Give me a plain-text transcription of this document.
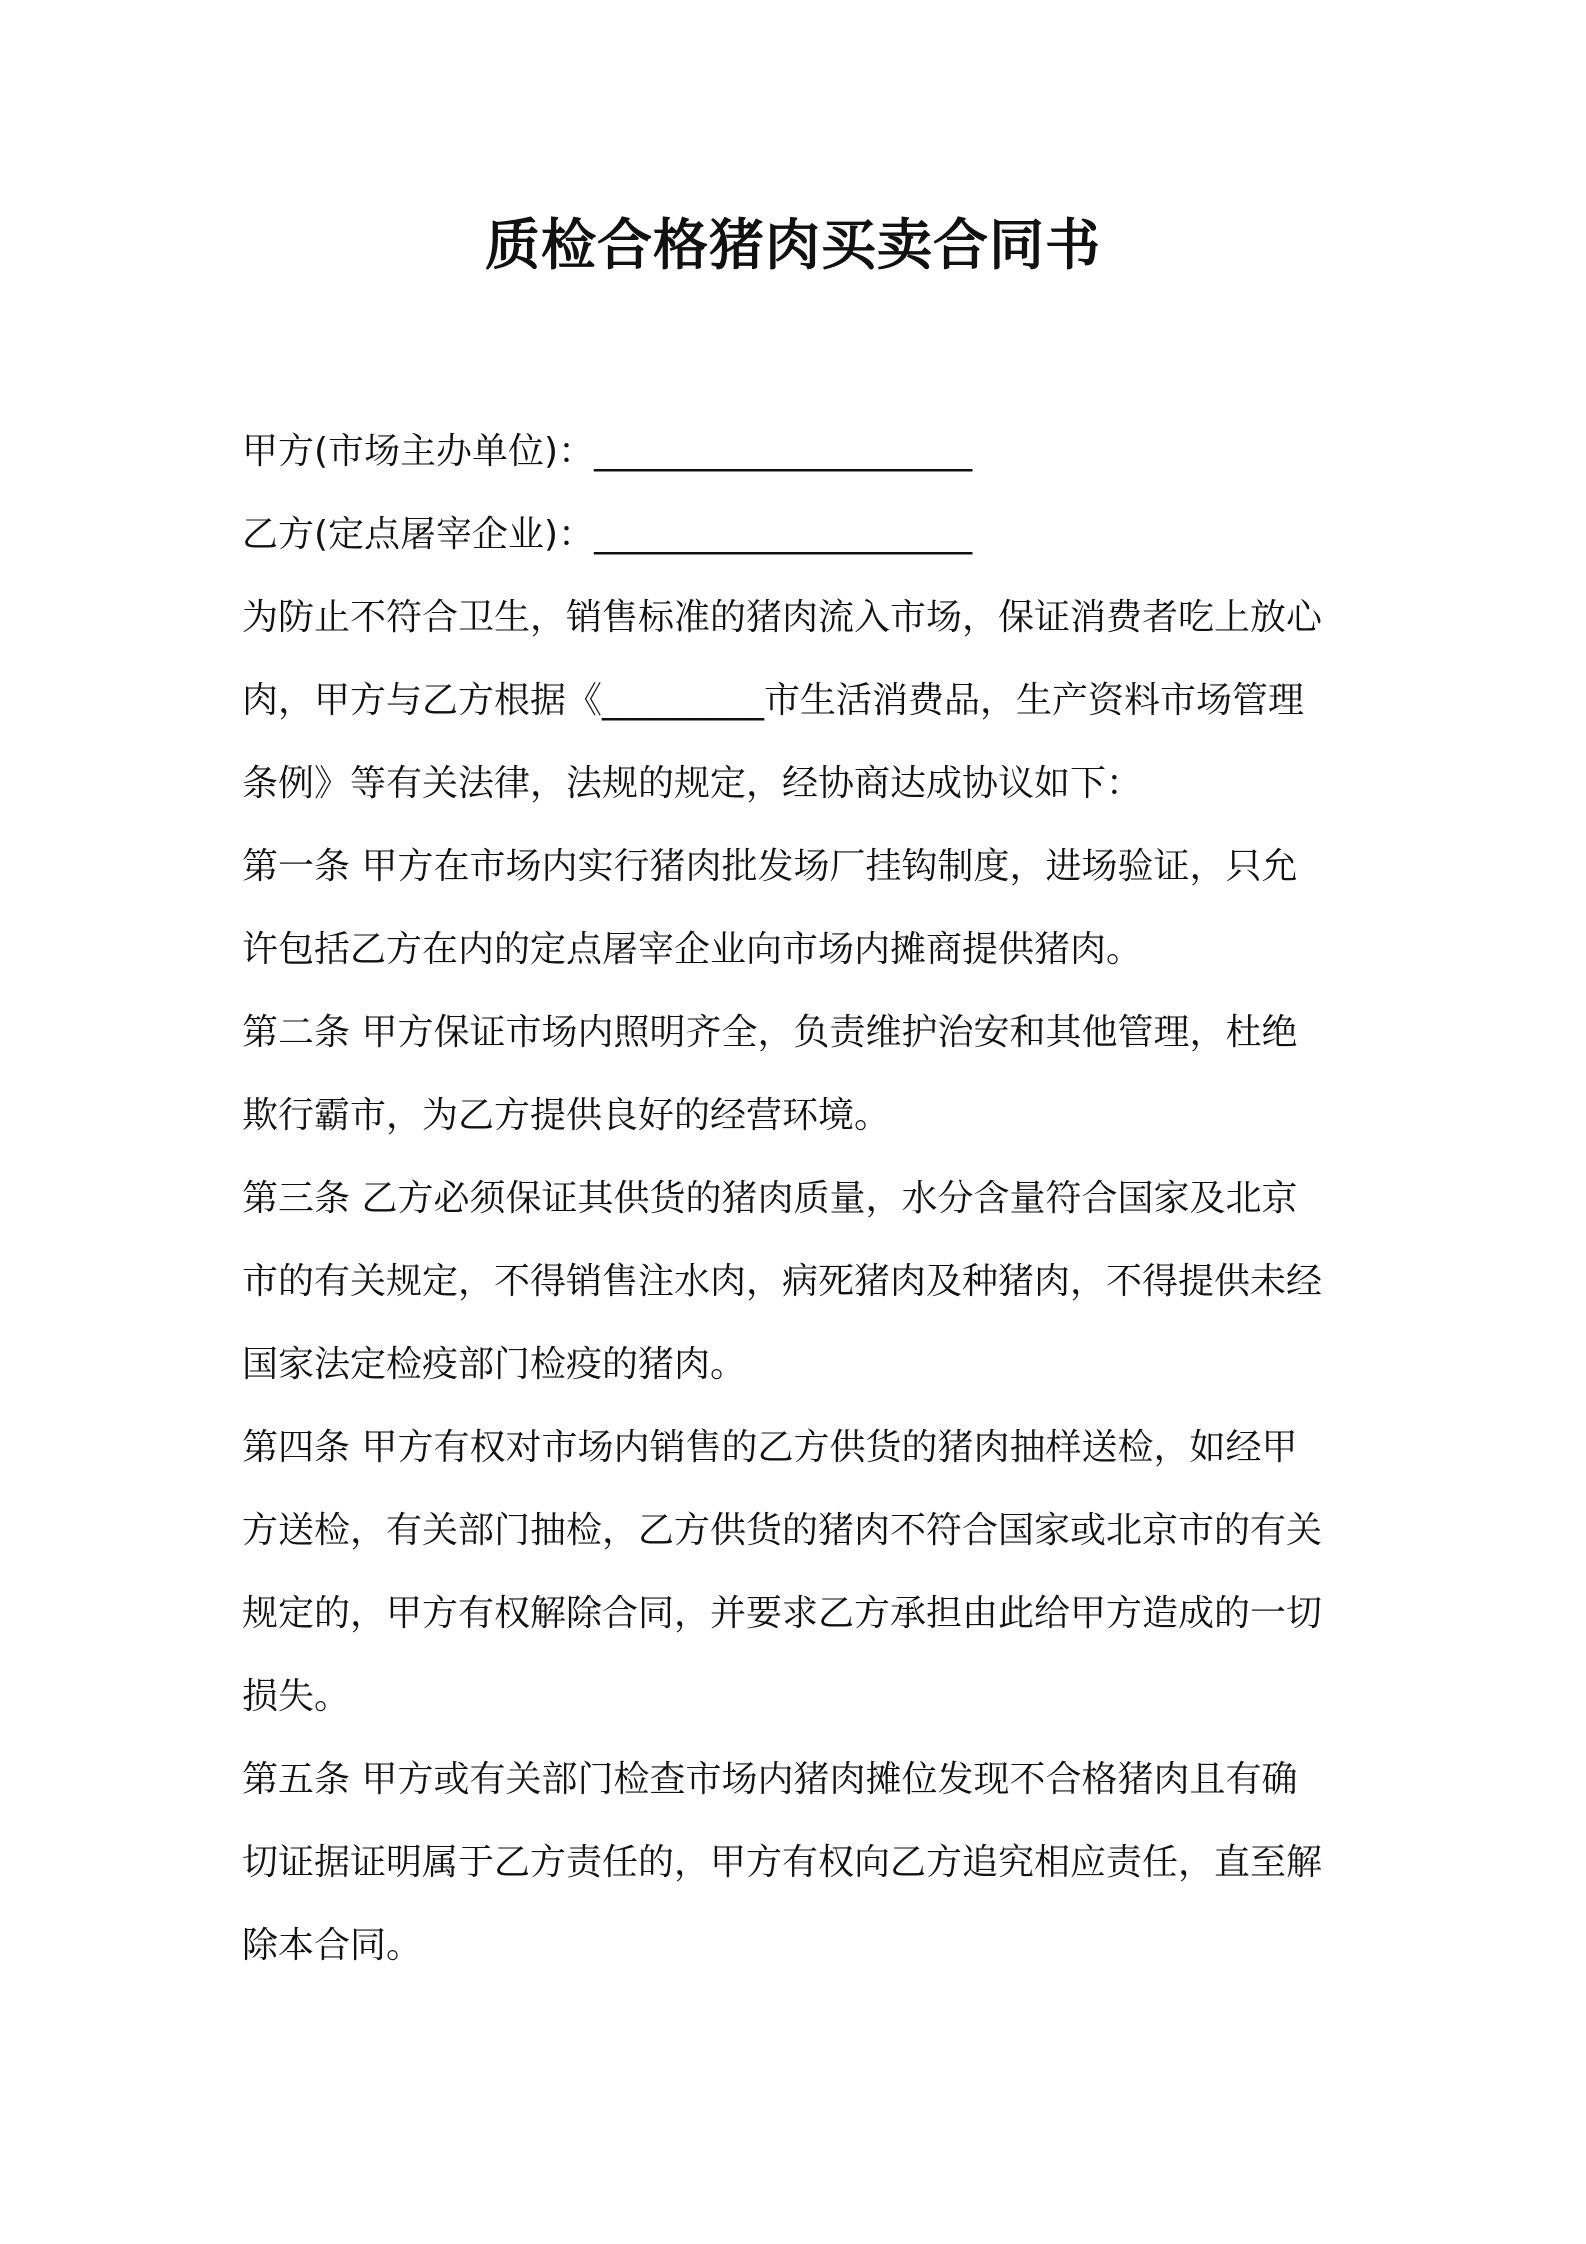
质检合格猪肉买卖合同书
甲方(市场主办单位)：_____________________
乙方(定点屠宰企业)：_____________________
为防止不符合卫生，销售标准的猪肉流入市场，保证消费者吃上放心
肉，甲方与乙方根据《_________市生活消费品，生产资料市场管理
条例》等有关法律，法规的规定，经协商达成协议如下：
第一条 甲方在市场内实行猪肉批发场厂挂钩制度，进场验证，只允
许包括乙方在内的定点屠宰企业向市场内摊商提供猪肉。
第二条 甲方保证市场内照明齐全，负责维护治安和其他管理，杜绝
欺行霸市，为乙方提供良好的经营环境。
第三条 乙方必须保证其供货的猪肉质量，水分含量符合国家及北京
市的有关规定，不得销售注水肉，病死猪肉及种猪肉，不得提供未经
国家法定检疫部门检疫的猪肉。
第四条 甲方有权对市场内销售的乙方供货的猪肉抽样送检，如经甲
方送检，有关部门抽检，乙方供货的猪肉不符合国家或北京市的有关
规定的，甲方有权解除合同，并要求乙方承担由此给甲方造成的一切
损失。
第五条 甲方或有关部门检查市场内猪肉摊位发现不合格猪肉且有确
切证据证明属于乙方责任的，甲方有权向乙方追究相应责任，直至解
除本合同。
